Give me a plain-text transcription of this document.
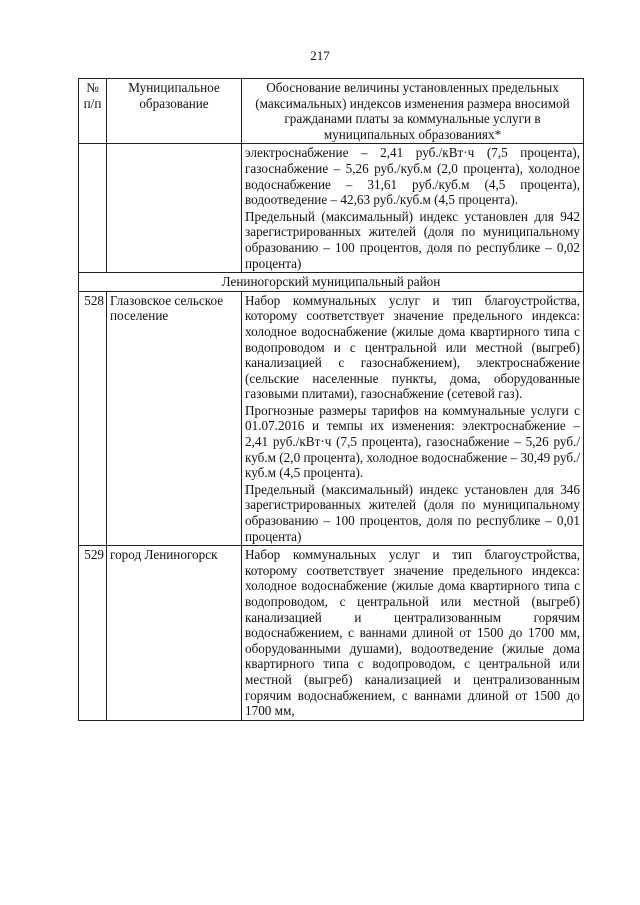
217
№ п/п	Муниципальное образование	Обоснование величины установленных предельных (максимальных) индексов изменения размера вносимой гражданами платы за коммунальные услуги в муниципальных образованиях*

		электроснабжение – 2,41 руб./кВт·ч (7,5 процента), газоснабжение – 5,26 руб./куб.м (2,0 процента), холодное водоснабжение – 31,61 руб./куб.м (4,5 процента), водоотведение – 42,63 руб./куб.м (4,5 процента).
Предельный (максимальный) индекс установлен для 942 зарегистрированных жителей (доля по муниципальному образованию – 100 процентов, доля по республике – 0,02 процента)

Лениногорский муниципальный район		
528	Глазовское сельское поселение	Набор коммунальных услуг и тип благоустройства, которому соответствует значение предельного индекса: холодное водоснабжение (жилые дома квартирного типа с водопроводом и с центральной или местной (выгреб) канализацией с газоснабжением), электроснабжение (сельские населенные пункты, дома, оборудованные газовыми плитами), газоснабжение (сетевой газ).
Прогнозные размеры тарифов на коммунальные услуги с 01.07.2016 и темпы их изменения: электроснабжение – 2,41 руб./кВт·ч (7,5 процента), газоснабжение – 5,26 руб./куб.м (2,0 процента), холодное водоснабжение – 30,49 руб./куб.м (4,5 процента).
Предельный (максимальный) индекс установлен для 346 зарегистрированных жителей (доля по муниципальному образованию – 100 процентов, доля по республике – 0,01 процента)

529	город Лениногорск	Набор коммунальных услуг и тип благоустройства, которому соответствует значение предельного индекса: холодное водоснабжение (жилые дома квартирного типа с водопроводом, с центральной или местной (выгреб) канализацией и централизованным горячим водоснабжением, с ваннами длиной от 1500 до 1700 мм, оборудованными душами), водоотведение (жилые дома квартирного типа с водопроводом, с центральной или местной (выгреб) канализацией и централизованным горячим водоснабжением, с ваннами длиной от 1500 до 1700 мм,
